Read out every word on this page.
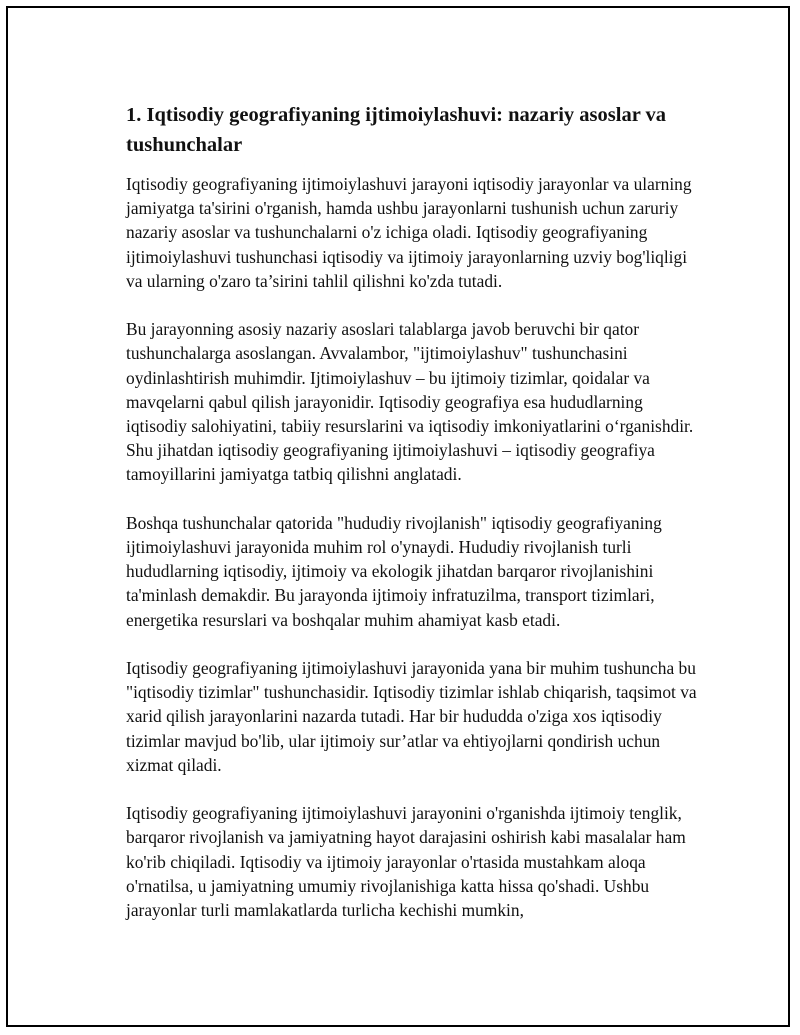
1. Iqtisodiy geografiyaning ijtimoiylashuvi: nazariy asoslar va tushunchalar

Iqtisodiy geografiyaning ijtimoiylashuvi jarayoni iqtisodiy jarayonlar va ularning jamiyatga ta'sirini o'rganish, hamda ushbu jarayonlarni tushunish uchun zaruriy nazariy asoslar va tushunchalarni o'z ichiga oladi. Iqtisodiy geografiyaning ijtimoiylashuvi tushunchasi iqtisodiy va ijtimoiy jarayonlarning uzviy bog'liqligi va ularning o'zaro ta’sirini tahlil qilishni ko'zda tutadi.

Bu jarayonning asosiy nazariy asoslari talablarga javob beruvchi bir qator tushunchalarga asoslangan. Avvalambor, "ijtimoiylashuv" tushunchasini oydinlashtirish muhimdir. Ijtimoiylashuv – bu ijtimoiy tizimlar, qoidalar va mavqelarni qabul qilish jarayonidir. Iqtisodiy geografiya esa hududlarning iqtisodiy salohiyatini, tabiiy resurslarini va iqtisodiy imkoniyatlarini o‘rganishdir. Shu jihatdan iqtisodiy geografiyaning ijtimoiylashuvi – iqtisodiy geografiya tamoyillarini jamiyatga tatbiq qilishni anglatadi.

Boshqa tushunchalar qatorida "hududiy rivojlanish" iqtisodiy geografiyaning ijtimoiylashuvi jarayonida muhim rol o'ynaydi. Hududiy rivojlanish turli hududlarning iqtisodiy, ijtimoiy va ekologik jihatdan barqaror rivojlanishini ta'minlash demakdir. Bu jarayonda ijtimoiy infratuzilma, transport tizimlari, energetika resurslari va boshqalar muhim ahamiyat kasb etadi.

Iqtisodiy geografiyaning ijtimoiylashuvi jarayonida yana bir muhim tushuncha bu "iqtisodiy tizimlar" tushunchasidir. Iqtisodiy tizimlar ishlab chiqarish, taqsimot va xarid qilish jarayonlarini nazarda tutadi. Har bir hududda o'ziga xos iqtisodiy tizimlar mavjud bo'lib, ular ijtimoiy sur’atlar va ehtiyojlarni qondirish uchun xizmat qiladi.

Iqtisodiy geografiyaning ijtimoiylashuvi jarayonini o'rganishda ijtimoiy tenglik, barqaror rivojlanish va jamiyatning hayot darajasini oshirish kabi masalalar ham ko'rib chiqiladi. Iqtisodiy va ijtimoiy jarayonlar o'rtasida mustahkam aloqa o'rnatilsa, u jamiyatning umumiy rivojlanishiga katta hissa qo'shadi. Ushbu jarayonlar turli mamlakatlarda turlicha kechishi mumkin,
